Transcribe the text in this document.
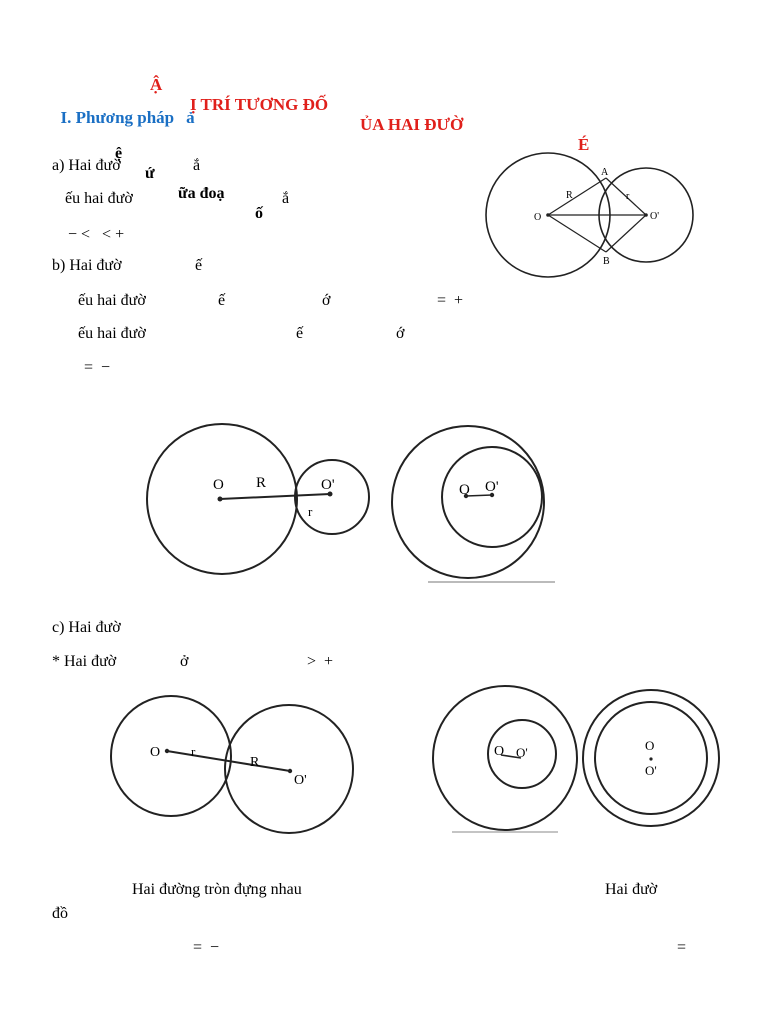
Ậ

Ị TRÍ TƯƠNG ĐỐ

ỦA HAI ĐƯỜ

É

I. Phương pháp ả

ệ

ứ

ữa đoạ

ố

a) Hai đườ	ắ
ếu hai đườ	ắ
− <   < +
b) Hai đườ	ế
ếu hai đườ	ế	ớ	=  +
ếu hai đườ	ế	ớ
=  −
O	O'
A
B
R	r
O R	O'
r
O O'
c) Hai đườ
* Hai đườ	ở	>  +
O r
R
O'
O O'	O
O'
Hai đường tròn đựng nhau	Hai đườ
đồ
=  −	=
